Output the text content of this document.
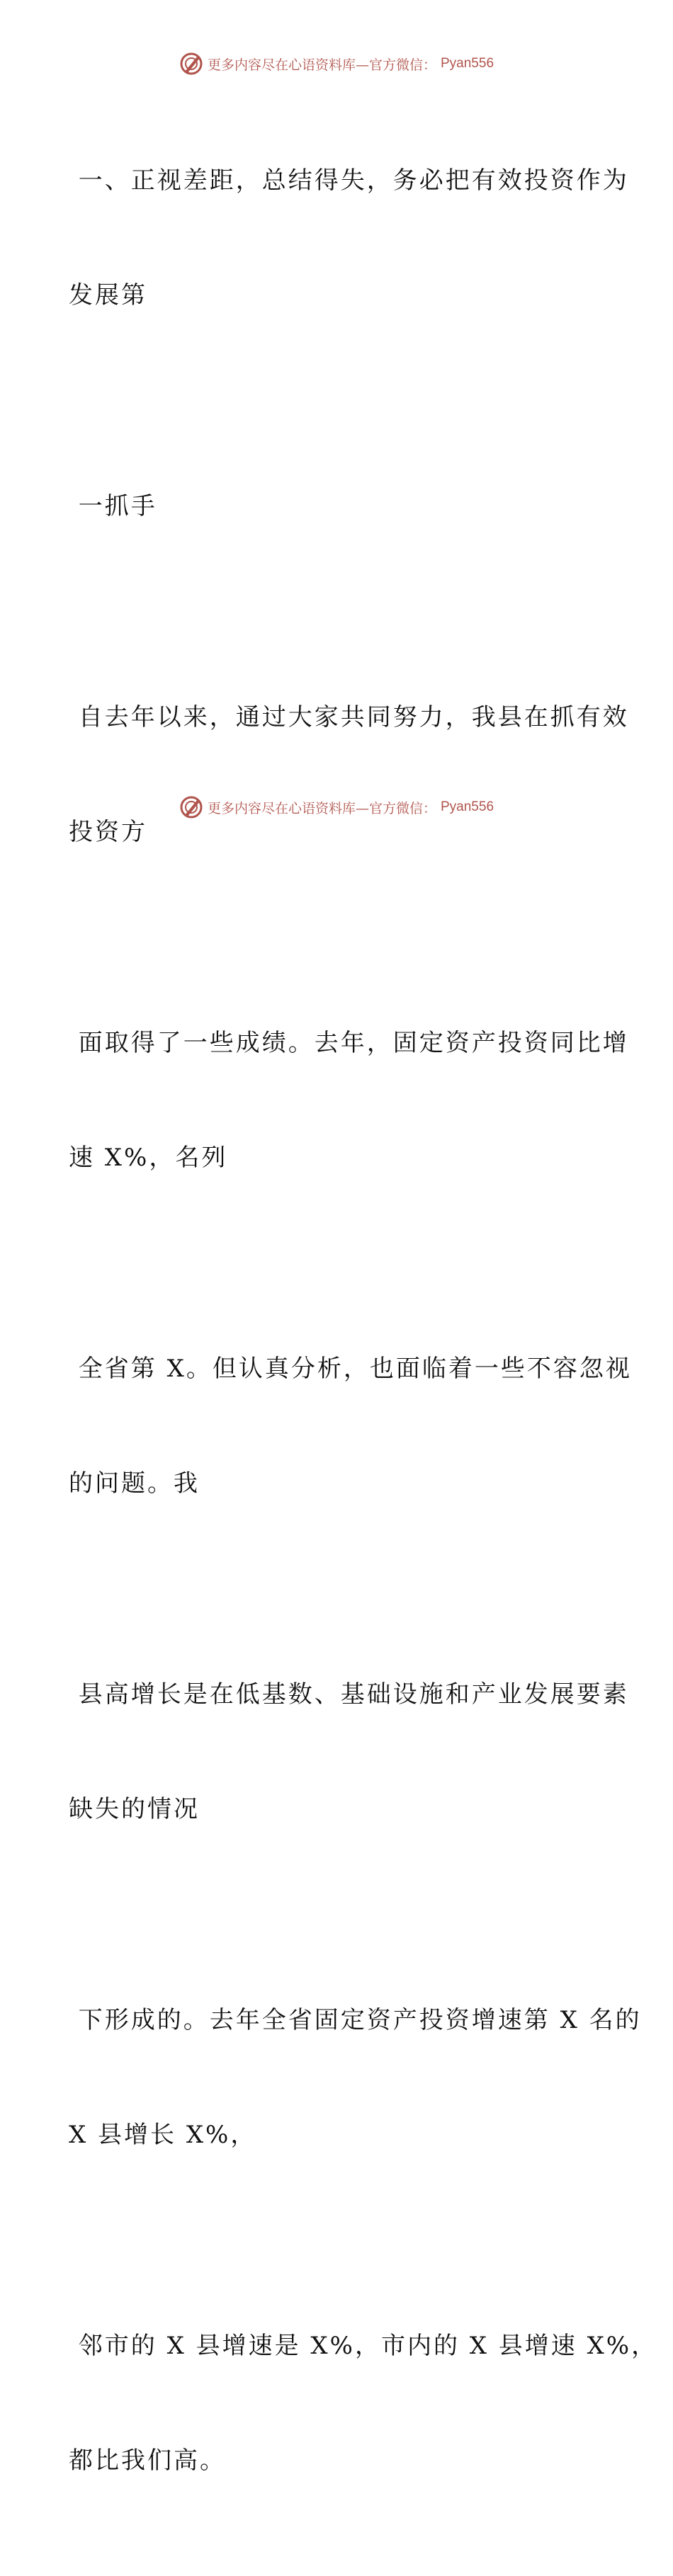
更多内容尽在心语资料库—官方微信： Pyan556

一、正视差距，总结得失，务必把有效投资作为

发展第

一抓手

自去年以来，通过大家共同努力，我县在抓有效

投资方

面取得了一些成绩。去年，固定资产投资同比增

速 X%，名列

全省第 X。但认真分析，也面临着一些不容忽视

的问题。我

县高增长是在低基数、基础设施和产业发展要素

缺失的情况

下形成的。去年全省固定资产投资增速第 X 名的

X 县增长 X%，

邻市的 X 县增速是 X%，市内的 X 县增速 X%，

都比我们高。

更多内容尽在心语资料库—官方微信： Pyan556
